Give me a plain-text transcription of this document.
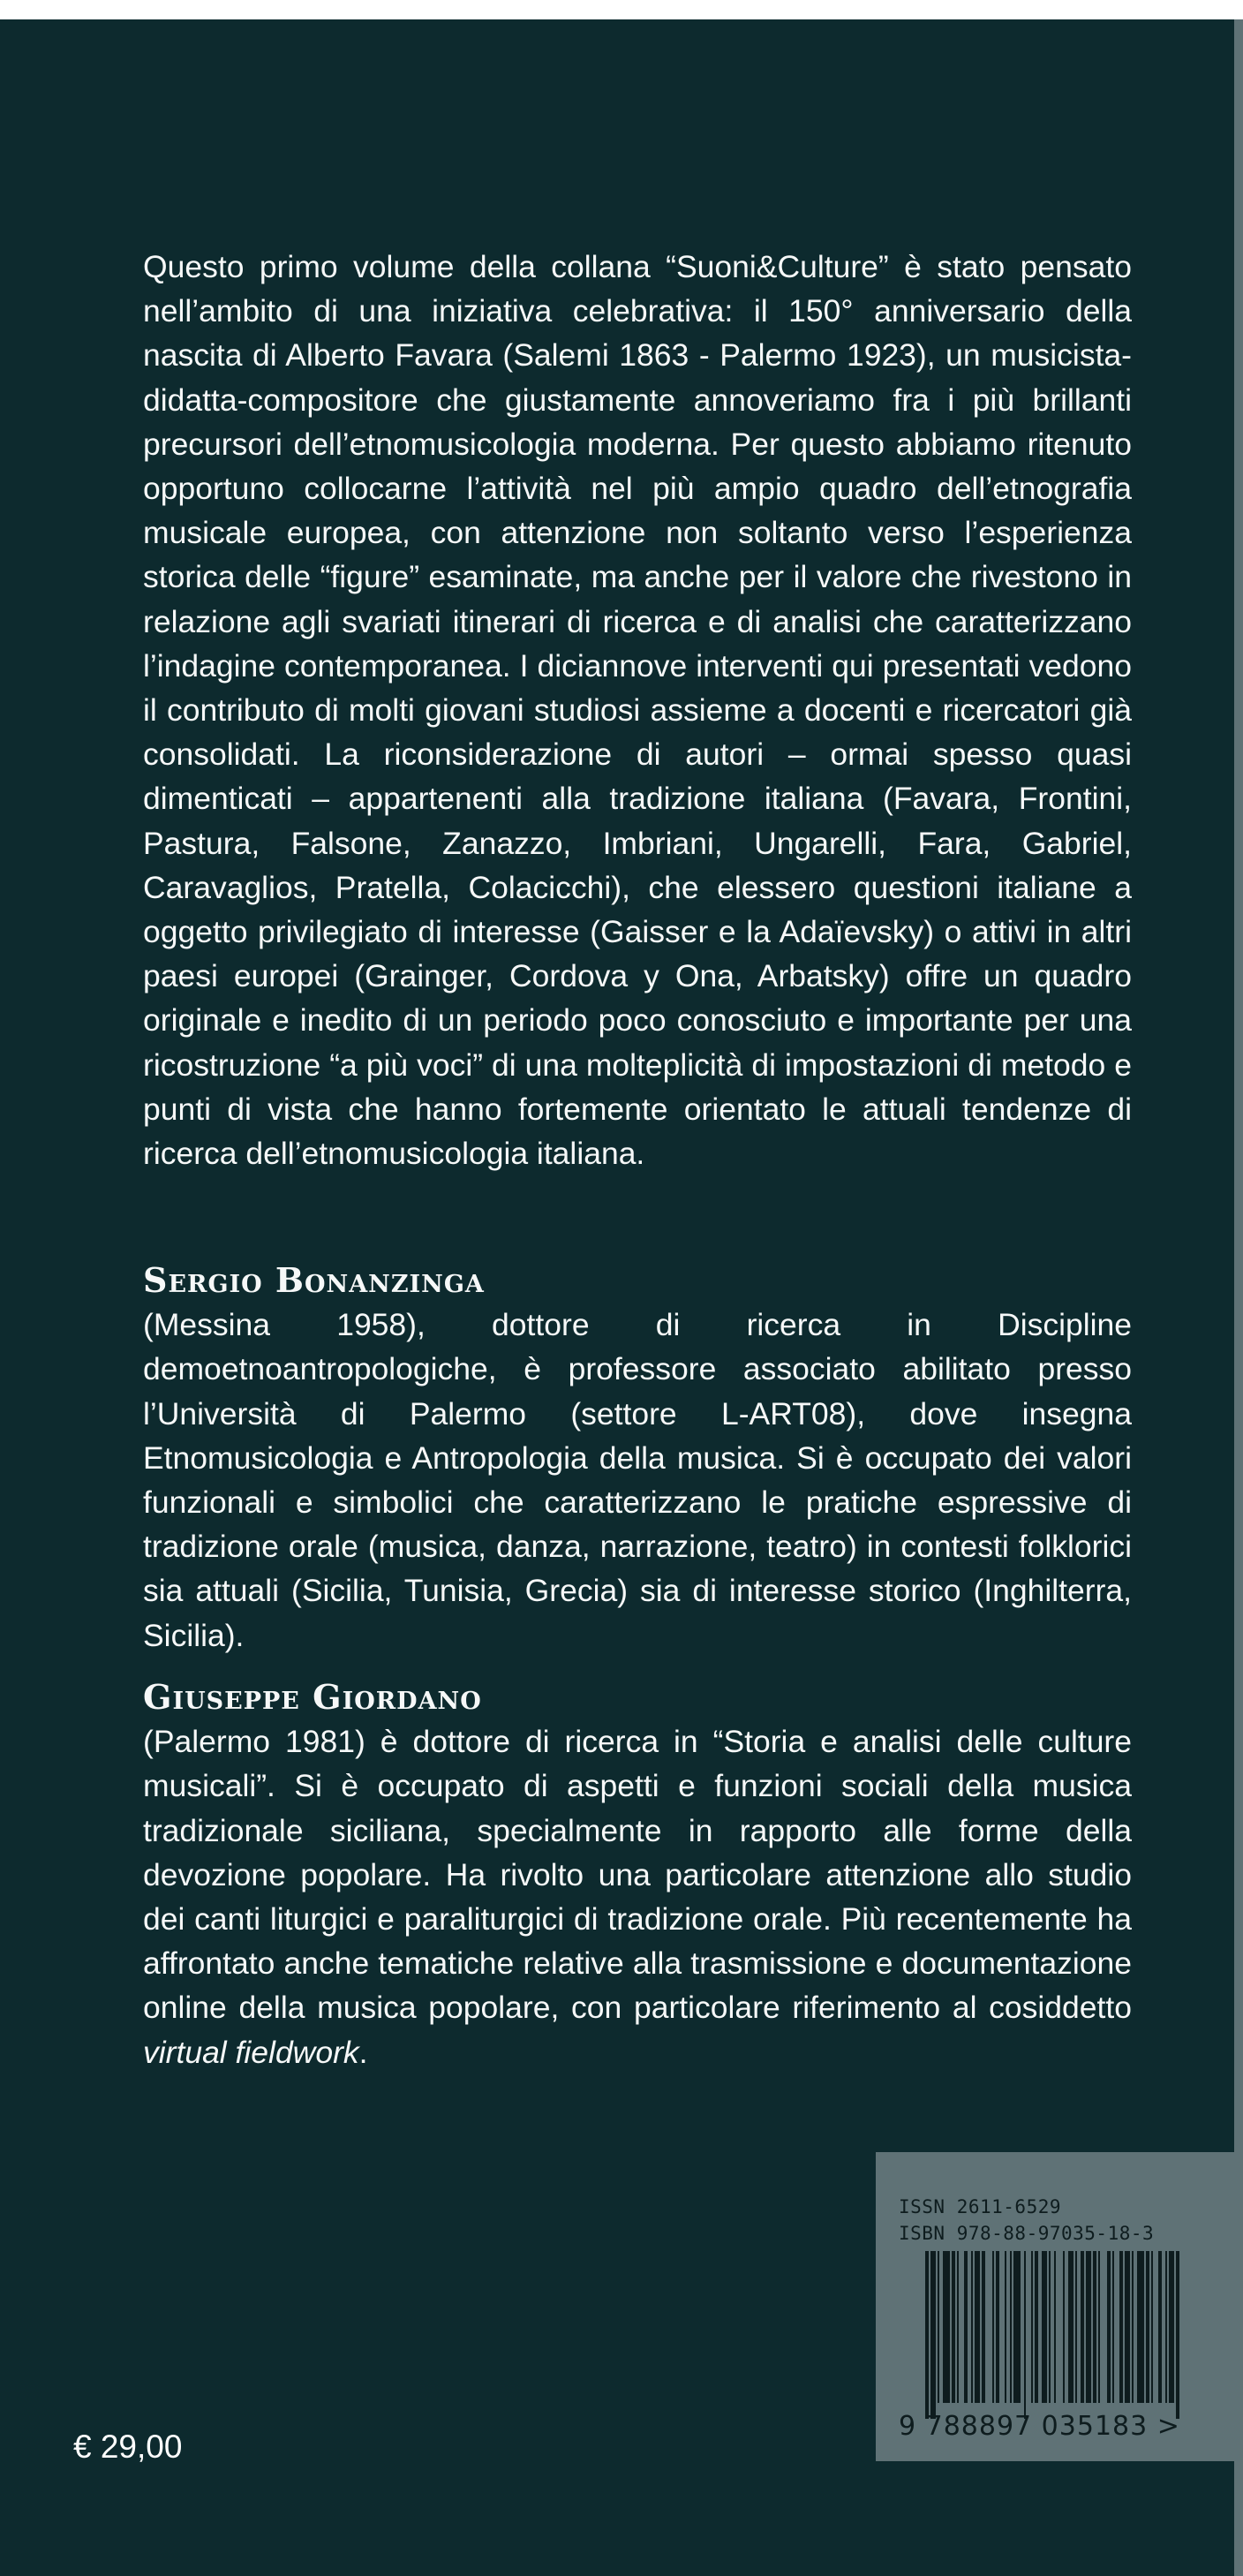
Questo primo volume della collana “Suoni&Culture” è stato pensato nell’ambito di una iniziativa celebrativa: il 150° anniversario della nascita di Alberto Favara (Salemi 1863 - Palermo 1923), un musicista-didatta-compositore che giustamente annoveriamo fra i più brillanti precursori dell’etnomusicologia moderna. Per questo abbiamo ritenuto opportuno collocarne l’attività nel più ampio quadro dell’etnografia musicale europea, con attenzione non soltanto verso l’esperienza storica delle “figure” esaminate, ma anche per il valore che rivestono in relazione agli svariati itinerari di ricerca e di analisi che caratterizzano l’indagine contemporanea. I diciannove interventi qui presentati vedono il contributo di molti giovani studiosi assieme a docenti e ricercatori già consolidati. La riconsiderazione di autori – ormai spesso quasi dimenticati – appartenenti alla tradizione italiana (Favara, Frontini, Pastura, Falsone, Zanazzo, Imbriani, Ungarelli, Fara, Gabriel, Caravaglios, Pratella, Colacicchi), che elessero questioni italiane a oggetto privilegiato di interesse (Gaisser e la Adaïevsky) o attivi in altri paesi europei (Grainger, Cordova y Ona, Arbatsky) offre un quadro originale e inedito di un periodo poco conosciuto e importante per una ricostruzione “a più voci” di una molteplicità di impostazioni di metodo e punti di vista che hanno fortemente orientato le attuali tendenze di ricerca dell’etnomusicologia italiana.
Sergio Bonanzinga
(Messina 1958), dottore di ricerca in Discipline demoetnoantropologiche, è professore associato abilitato presso l’Università di Palermo (settore L-ART08), dove insegna Etnomusicologia e Antropologia della musica. Si è occupato dei valori funzionali e simbolici che caratterizzano le pratiche espressive di tradizione orale (musica, danza, narrazione, teatro) in contesti folklorici sia attuali (Sicilia, Tunisia, Grecia) sia di interesse storico (Inghilterra, Sicilia).
Giuseppe Giordano
(Palermo 1981) è dottore di ricerca in “Storia e analisi delle culture musicali”. Si è occupato di aspetti e funzioni sociali della musica tradizionale siciliana, specialmente in rapporto alle forme della devozione popolare. Ha rivolto una particolare attenzione allo studio dei canti liturgici e paraliturgici di tradizione orale. Più recentemente ha affrontato anche tematiche relative alla trasmissione e documentazione online della musica popolare, con particolare riferimento al cosiddetto virtual fieldwork.
€ 29,00
ISSN 2611-6529
ISBN 978-88-97035-18-3
9 788897 035183 >
